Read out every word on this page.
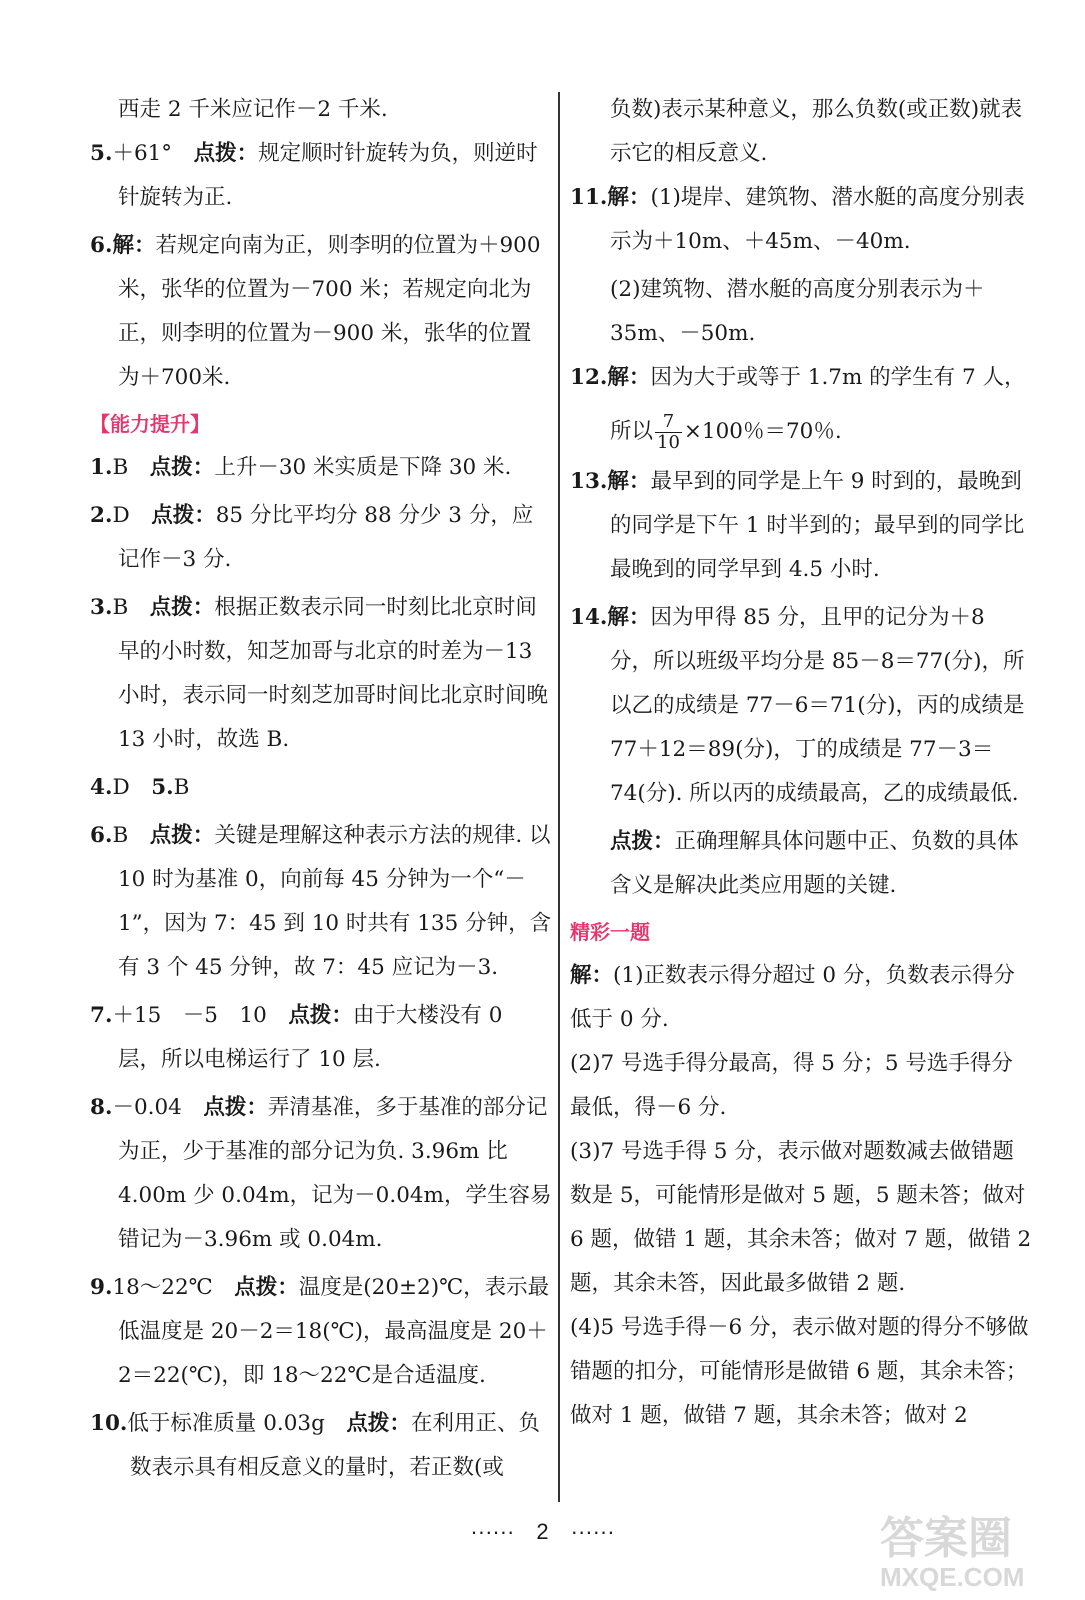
西走 2 千米应记作－2 千米.
5.＋61°　 点拨：规定顺时针旋转为负，则逆时针旋转为正.
6.解：若规定向南为正，则李明的位置为＋900 米，张华的位置为－700 米；若规定向北为正，则李明的位置为－900 米，张华的位置为＋700米.
【能力提升】
1.B　 点拨：上升－30 米实质是下降 30 米.
2.D　 点拨：85 分比平均分 88 分少 3 分，应记作－3 分.
3.B　 点拨：根据正数表示同一时刻比北京时间早的小时数，知芝加哥与北京的时差为－13 小时，表示同一时刻芝加哥时间比北京时间晚 13 小时，故选 B.
4.D　 5.B
6.B　 点拨：关键是理解这种表示方法的规律. 以 10 时为基准 0，向前每 45 分钟为一个“－1”，因为 7：45 到 10 时共有 135 分钟，含有 3 个 45 分钟，故 7：45 应记为－3.
7.＋15　－5　10　 点拨：由于大楼没有 0 层，所以电梯运行了 10 层.
8.－0.04　 点拨：弄清基准，多于基准的部分记为正，少于基准的部分记为负. 3.96m 比 4.00m 少 0.04m，记为－0.04m，学生容易错记为－3.96m 或 0.04m.
9.18～22℃　 点拨：温度是(20±2)℃，表示最低温度是 20－2＝18(℃)，最高温度是 20＋2＝22(℃)，即 18～22℃是合适温度.
10.低于标准质量 0.03g　 点拨：在利用正、负数表示具有相反意义的量时，若正数(或
负数)表示某种意义，那么负数(或正数)就表示它的相反意义.
11.解：(1)堤岸、建筑物、潜水艇的高度分别表示为＋10m、＋45m、－40m.
(2)建筑物、潜水艇的高度分别表示为＋35m、－50m.
12.解：因为大于或等于 1.7m 的学生有 7 人，
所以 $\frac{7}{10} \times 100$％＝70％.
13.解：最早到的同学是上午 9 时到的，最晚到的同学是下午 1 时半到的；最早到的同学比最晚到的同学早到 4.5 小时.
14.解：因为甲得 85 分，且甲的记分为＋8 分，所以班级平均分是 85－8＝77(分)，所以乙的成绩是 77－6＝71(分)，丙的成绩是 77＋12＝89(分)，丁的成绩是 77－3＝74(分). 所以丙的成绩最高，乙的成绩最低.
点拨：正确理解具体问题中正、负数的具体含义是解决此类应用题的关键.
精彩一题
解：(1)正数表示得分超过 0 分，负数表示得分低于 0 分.
(2)7 号选手得分最高，得 5 分；5 号选手得分最低，得－6 分.
(3)7 号选手得 5 分，表示做对题数减去做错题数是 5，可能情形是做对 5 题，5 题未答；做对 6 题，做错 1 题，其余未答；做对 7 题，做错 2 题，其余未答，因此最多做错 2 题.
(4)5 号选手得－6 分，表示做对题的得分不够做错题的扣分，可能情形是做错 6 题，其余未答；做对 1 题，做错 7 题，其余未答；做对 2
······　2　······	答案圈
MXQE.COM
